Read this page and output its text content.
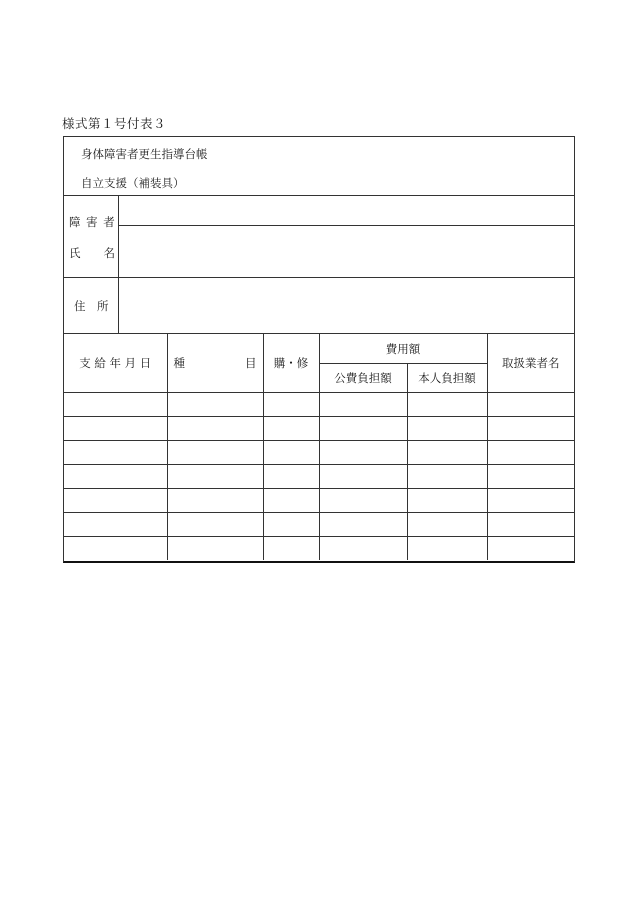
様式第１号付表３
身体障害者更生指導台帳
自立支援（補装具）
障 害 者
氏　　名
住　所
支 給 年 月 日	種 目	購・修	費用額		取扱業者名
			公費負担額	本人負担額	
